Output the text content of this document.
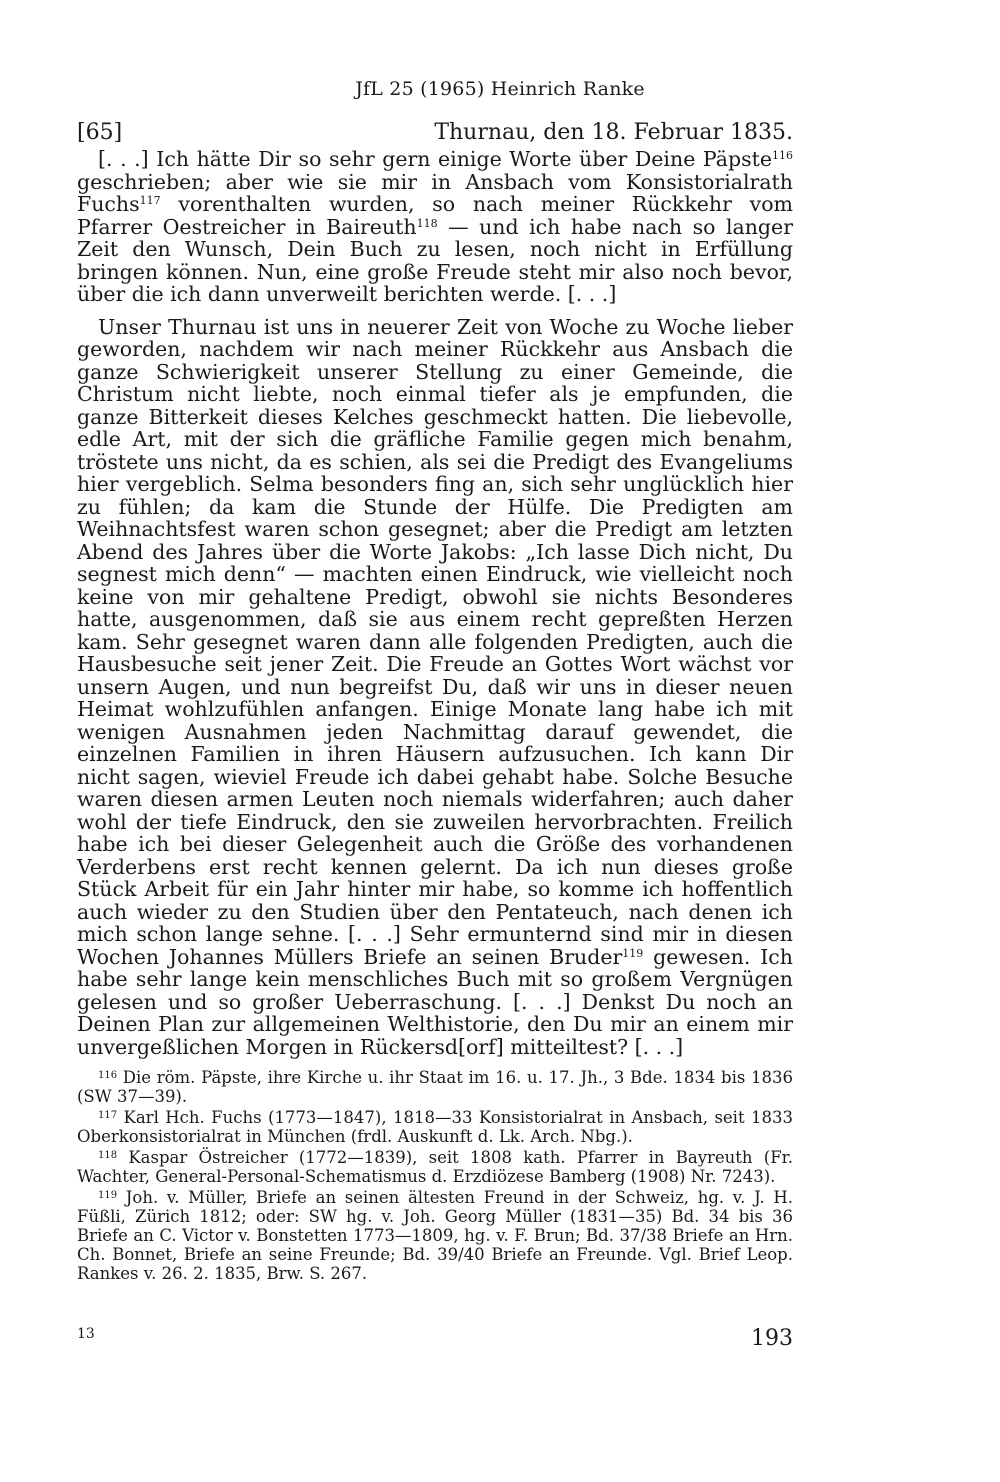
JfL 25 (1965) Heinrich Ranke
[65]	Thurnau, den 18. Februar 1835.

[. . .] Ich hätte Dir so sehr gern einige Worte über Deine Päpste$^{116}$ geschrieben; aber wie sie mir in Ansbach vom Konsistorialrath Fuchs$^{117}$ vorenthalten wurden, so nach meiner Rückkehr vom Pfarrer Oestreicher in Baireuth$^{118}$ — und ich habe nach so langer Zeit den Wunsch, Dein Buch zu lesen, noch nicht in Erfüllung bringen können. Nun, eine große Freude steht mir also noch bevor, über die ich dann unverweilt berichten werde. [. . .]

Unser Thurnau ist uns in neuerer Zeit von Woche zu Woche lieber geworden, nachdem wir nach meiner Rückkehr aus Ansbach die ganze Schwierigkeit unserer Stellung zu einer Gemeinde, die Christum nicht liebte, noch einmal tiefer als je empfunden, die ganze Bitterkeit dieses Kelches geschmeckt hatten. Die liebevolle, edle Art, mit der sich die gräfliche Familie gegen mich benahm, tröstete uns nicht, da es schien, als sei die Predigt des Evangeliums hier vergeblich. Selma besonders fing an, sich sehr unglücklich hier zu fühlen; da kam die Stunde der Hülfe. Die Predigten am Weihnachtsfest waren schon gesegnet; aber die Predigt am letzten Abend des Jahres über die Worte Jakobs: „Ich lasse Dich nicht, Du segnest mich denn“ — machten einen Eindruck, wie vielleicht noch keine von mir gehaltene Predigt, obwohl sie nichts Besonderes hatte, ausgenommen, daß sie aus einem recht gepreßten Herzen kam. Sehr gesegnet waren dann alle folgenden Predigten, auch die Hausbesuche seit jener Zeit. Die Freude an Gottes Wort wächst vor unsern Augen, und nun begreifst Du, daß wir uns in dieser neuen Heimat wohlzufühlen anfangen. Einige Monate lang habe ich mit wenigen Ausnahmen jeden Nachmittag darauf gewendet, die einzelnen Familien in ihren Häusern aufzusuchen. Ich kann Dir nicht sagen, wieviel Freude ich dabei gehabt habe. Solche Besuche waren diesen armen Leuten noch niemals widerfahren; auch daher wohl der tiefe Eindruck, den sie zuweilen hervorbrachten. Freilich habe ich bei dieser Gelegenheit auch die Größe des vorhandenen Verderbens erst recht kennen gelernt. Da ich nun dieses große Stück Arbeit für ein Jahr hinter mir habe, so komme ich hoffentlich auch wieder zu den Studien über den Pentateuch, nach denen ich mich schon lange sehne. [. . .] Sehr ermunternd sind mir in diesen Wochen Johannes Müllers Briefe an seinen Bruder$^{119}$ gewesen. Ich habe sehr lange kein menschliches Buch mit so großem Vergnügen gelesen und so großer Ueberraschung. [. . .] Denkst Du noch an Deinen Plan zur allgemeinen Welthistorie, den Du mir an einem mir unvergeßlichen Morgen in Rückersd[orf] mitteiltest? [. . .]

$^{116}$ Die röm. Päpste, ihre Kirche u. ihr Staat im 16. u. 17. Jh., 3 Bde. 1834 bis 1836 (SW 37—39).

$^{117}$ Karl Hch. Fuchs (1773—1847), 1818—33 Konsistorialrat in Ansbach, seit 1833 Oberkonsistorialrat in München (frdl. Auskunft d. Lk. Arch. Nbg.).

$^{118}$ Kaspar Östreicher (1772—1839), seit 1808 kath. Pfarrer in Bayreuth (Fr. Wachter, General-Personal-Schematismus d. Erzdiözese Bamberg (1908) Nr. 7243).

$^{119}$ Joh. v. Müller, Briefe an seinen ältesten Freund in der Schweiz, hg. v. J. H. Füßli, Zürich 1812; oder: SW hg. v. Joh. Georg Müller (1831—35) Bd. 34 bis 36 Briefe an C. Victor v. Bonstetten 1773—1809, hg. v. F. Brun; Bd. 37/38 Briefe an Hrn. Ch. Bonnet, Briefe an seine Freunde; Bd. 39/40 Briefe an Freunde. Vgl. Brief Leop. Rankes v. 26. 2. 1835, Brw. S. 267.

13	193
